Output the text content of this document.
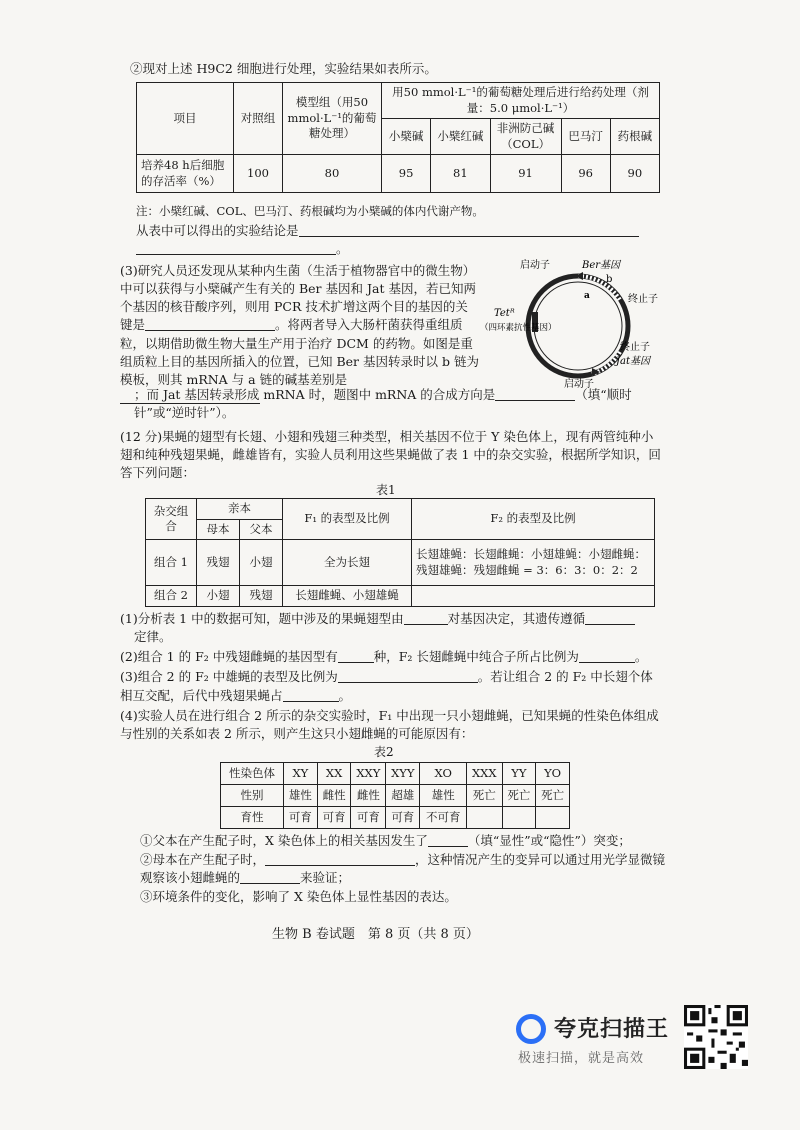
②现对上述 H9C2 细胞进行处理，实验结果如表所示。

项目	对照组	模型组（用50 mmol·L⁻¹的葡萄糖处理）	用50 mmol·L⁻¹的葡萄糖处理后进行给药处理（剂量：5.0 μmol·L⁻¹）				
			小檗碱	小檗红碱	非洲防己碱（COL）	巴马汀	药根碱
培养48 h后细胞的存活率（%）	100	80	95	81	91	96	90
注：小檗红碱、COL、巴马汀、药根碱均为小檗碱的体内代谢产物。
从表中可以得出的实验结论是
。
(3)研究人员还发现从某种内生菌（生活于植物器官中的微生物）中可以获得与小檗碱产生有关的 Ber 基因和 Jat 基因，若已知两个基因的核苷酸序列，则用 PCR 技术扩增这两个目的基因的关键是	。将两者导入大肠杆菌获得重组质粒，以期借助微生物大量生产用于治疗 DCM 的药物。如图是重组质粒上目的基因所插入的位置，已知 Ber 基因转录时以 b 链为模板，则其 mRNA 与 a 链的碱基差别是
；而 Jat 基因转录形成 mRNA 时，题图中 mRNA 的合成方向是	（填“顺时针”或“逆时针”）。
启动子	Ber基因
b
a	终止子
Tetᴿ
（四环素抗性基因）
终止子
Jat基因
启动子
(12 分)果蝇的翅型有长翅、小翅和残翅三种类型，相关基因不位于 Y 染色体上，现有两管纯种小翅和纯种残翅果蝇，雌雄皆有，实验人员利用这些果蝇做了表 1 中的杂交实验，根据所学知识，回答下列问题：
表1
杂交组合	亲本		F₁ 的表型及比例	F₂ 的表型及比例
	母本	父本		
组合 1	残翅	小翅	全为长翅	长翅雄蝇：长翅雌蝇：小翅雄蝇：小翅雌蝇：残翅雄蝇：残翅雌蝇 = 3：6：3：0：2：2
组合 2	小翅	残翅	长翅雌蝇、小翅雄蝇	

(1)分析表 1 中的数据可知，题中涉及的果蝇翅型由	对基因决定，其遗传遵循
定律。

(2)组合 1 的 F₂ 中残翅雌蝇的基因型有	种，F₂ 长翅雌蝇中纯合子所占比例为	。

(3)组合 2 的 F₂ 中雄蝇的表型及比例为	。若让组合 2 的 F₂ 中长翅个体相互交配，后代中残翅果蝇占	。

(4)实验人员在进行组合 2 所示的杂交实验时，F₁ 中出现一只小翅雌蝇，已知果蝇的性染色体组成与性别的关系如表 2 所示，则产生这只小翅雌蝇的可能原因有：

表2
性染色体	XY	XX	XXY	XYY	XO	XXX	YY	YO
性别	雄性	雌性	雌性	超雄	雄性	死亡	死亡	死亡
育性	可育	可育	可育	可育	不可育			

①父本在产生配子时，X 染色体上的相关基因发生了	（填“显性”或“隐性”）突变；

②母本在产生配子时，	，这种情况产生的变异可以通过用光学显微镜观察该小翅雌蝇的	来验证；

③环境条件的变化，影响了 X 染色体上显性基因的表达。

生物 B 卷试题　第 8 页（共 8 页）
夸克扫描王
极速扫描，就是高效
